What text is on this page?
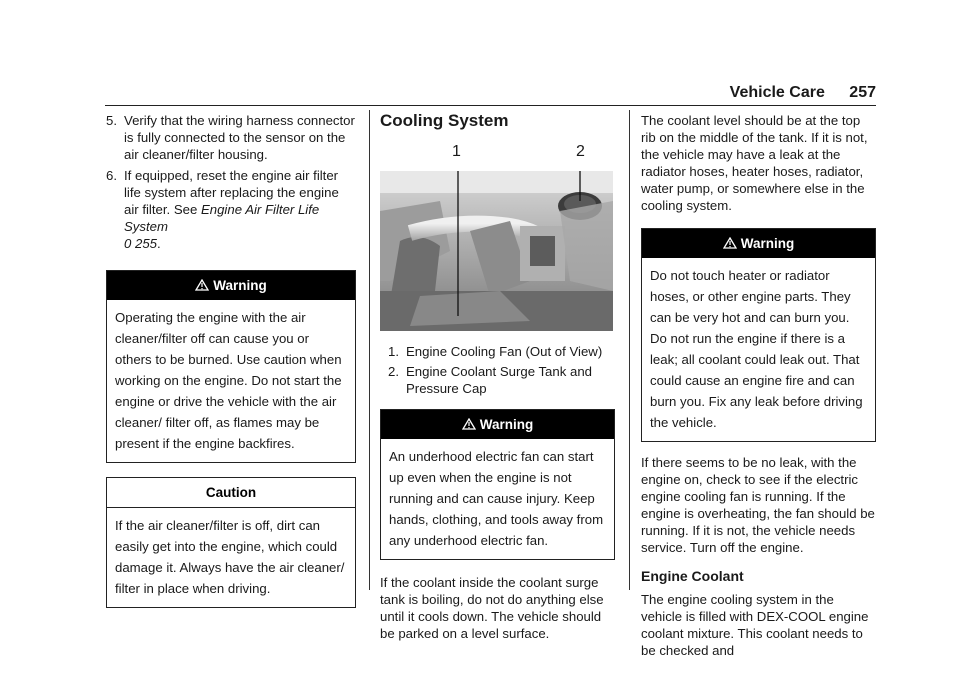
Vehicle Care 257
5. Verify that the wiring harness connector is fully connected to the sensor on the air cleaner/filter housing.
6. If equipped, reset the engine air filter life system after replacing the engine air filter. See Engine Air Filter Life System
0 255.
Warning
Operating the engine with the air cleaner/filter off can cause you or others to be burned. Use caution when working on the engine. Do not start the engine or drive the vehicle with the air cleaner/ filter off, as flames may be present if the engine backfires.
Caution
If the air cleaner/filter is off, dirt can easily get into the engine, which could damage it. Always have the air cleaner/ filter in place when driving.
Cooling System
1	2
1. Engine Cooling Fan (Out of View)
2. Engine Coolant Surge Tank and Pressure Cap
Warning
An underhood electric fan can start up even when the engine is not running and can cause injury. Keep hands, clothing, and tools away from any underhood electric fan.

If the coolant inside the coolant surge tank is boiling, do not do anything else until it cools down. The vehicle should be parked on a level surface.

The coolant level should be at the top rib on the middle of the tank. If it is not, the vehicle may have a leak at the radiator hoses, heater hoses, radiator, water pump, or somewhere else in the cooling system.

Warning
Do not touch heater or radiator hoses, or other engine parts. They can be very hot and can burn you. Do not run the engine if there is a leak; all coolant could leak out. That could cause an engine fire and can burn you. Fix any leak before driving the vehicle.

If there seems to be no leak, with the engine on, check to see if the electric engine cooling fan is running. If the engine is overheating, the fan should be running. If it is not, the vehicle needs service. Turn off the engine.

Engine Coolant

The engine cooling system in the vehicle is filled with DEX-COOL engine coolant mixture. This coolant needs to be checked and
